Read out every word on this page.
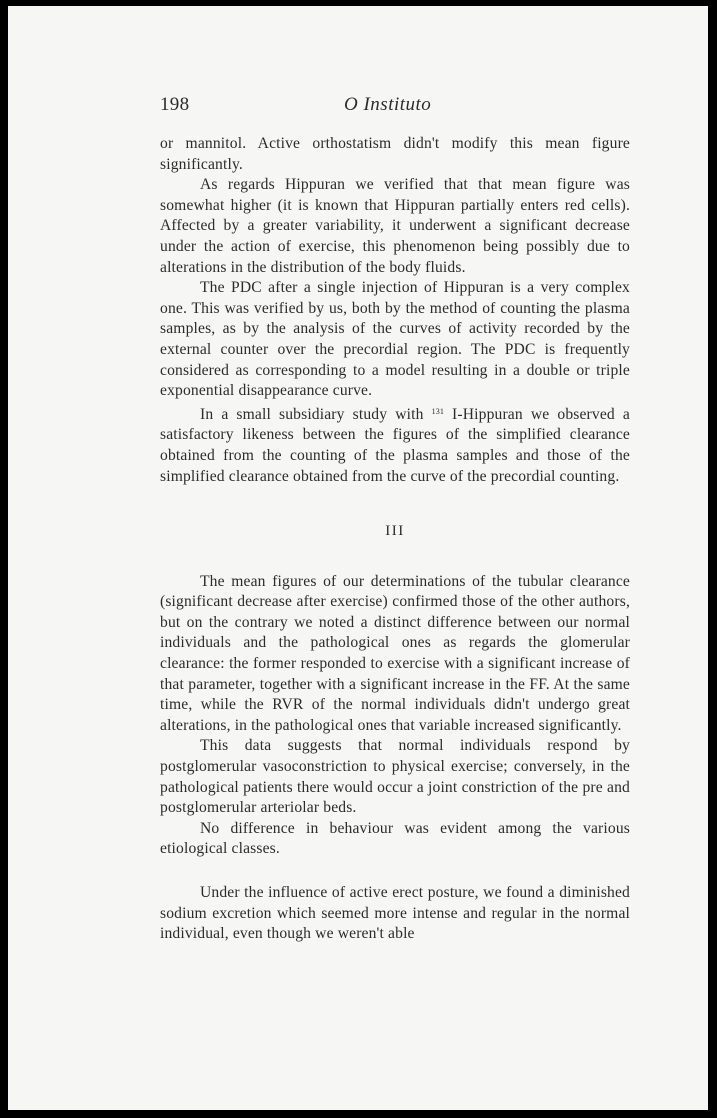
198	O Instituto

or mannitol. Active orthostatism didn't modify this mean figure significantly.

As regards Hippuran we verified that that mean figure was somewhat higher (it is known that Hippuran partially enters red cells). Affected by a greater variability, it underwent a significant decrease under the action of exercise, this phenomenon being possibly due to alterations in the distribution of the body fluids.

The PDC after a single injection of Hippuran is a very complex one. This was verified by us, both by the method of counting the plasma samples, as by the analysis of the curves of activity recorded by the external counter over the precordial region. The PDC is frequently considered as corresponding to a model resulting in a double or triple exponential disappearance curve.

In a small subsidiary study with $^{131}$ I-Hippuran we observed a satisfactory likeness between the figures of the simplified clearance obtained from the counting of the plasma samples and those of the simplified clearance obtained from the curve of the precordial counting.

III

The mean figures of our determinations of the tubular clearance (significant decrease after exercise) confirmed those of the other authors, but on the contrary we noted a distinct difference between our normal individuals and the pathological ones as regards the glomerular clearance: the former responded to exercise with a significant increase of that parameter, together with a significant increase in the FF. At the same time, while the RVR of the normal individuals didn't undergo great alterations, in the pathological ones that variable increased significantly.

This data suggests that normal individuals respond by postglomerular vasoconstriction to physical exercise; conversely, in the pathological patients there would occur a joint constriction of the pre and postglomerular arteriolar beds.

No difference in behaviour was evident among the various etiological classes.

Under the influence of active erect posture, we found a diminished sodium excretion which seemed more intense and regular in the normal individual, even though we weren't able
